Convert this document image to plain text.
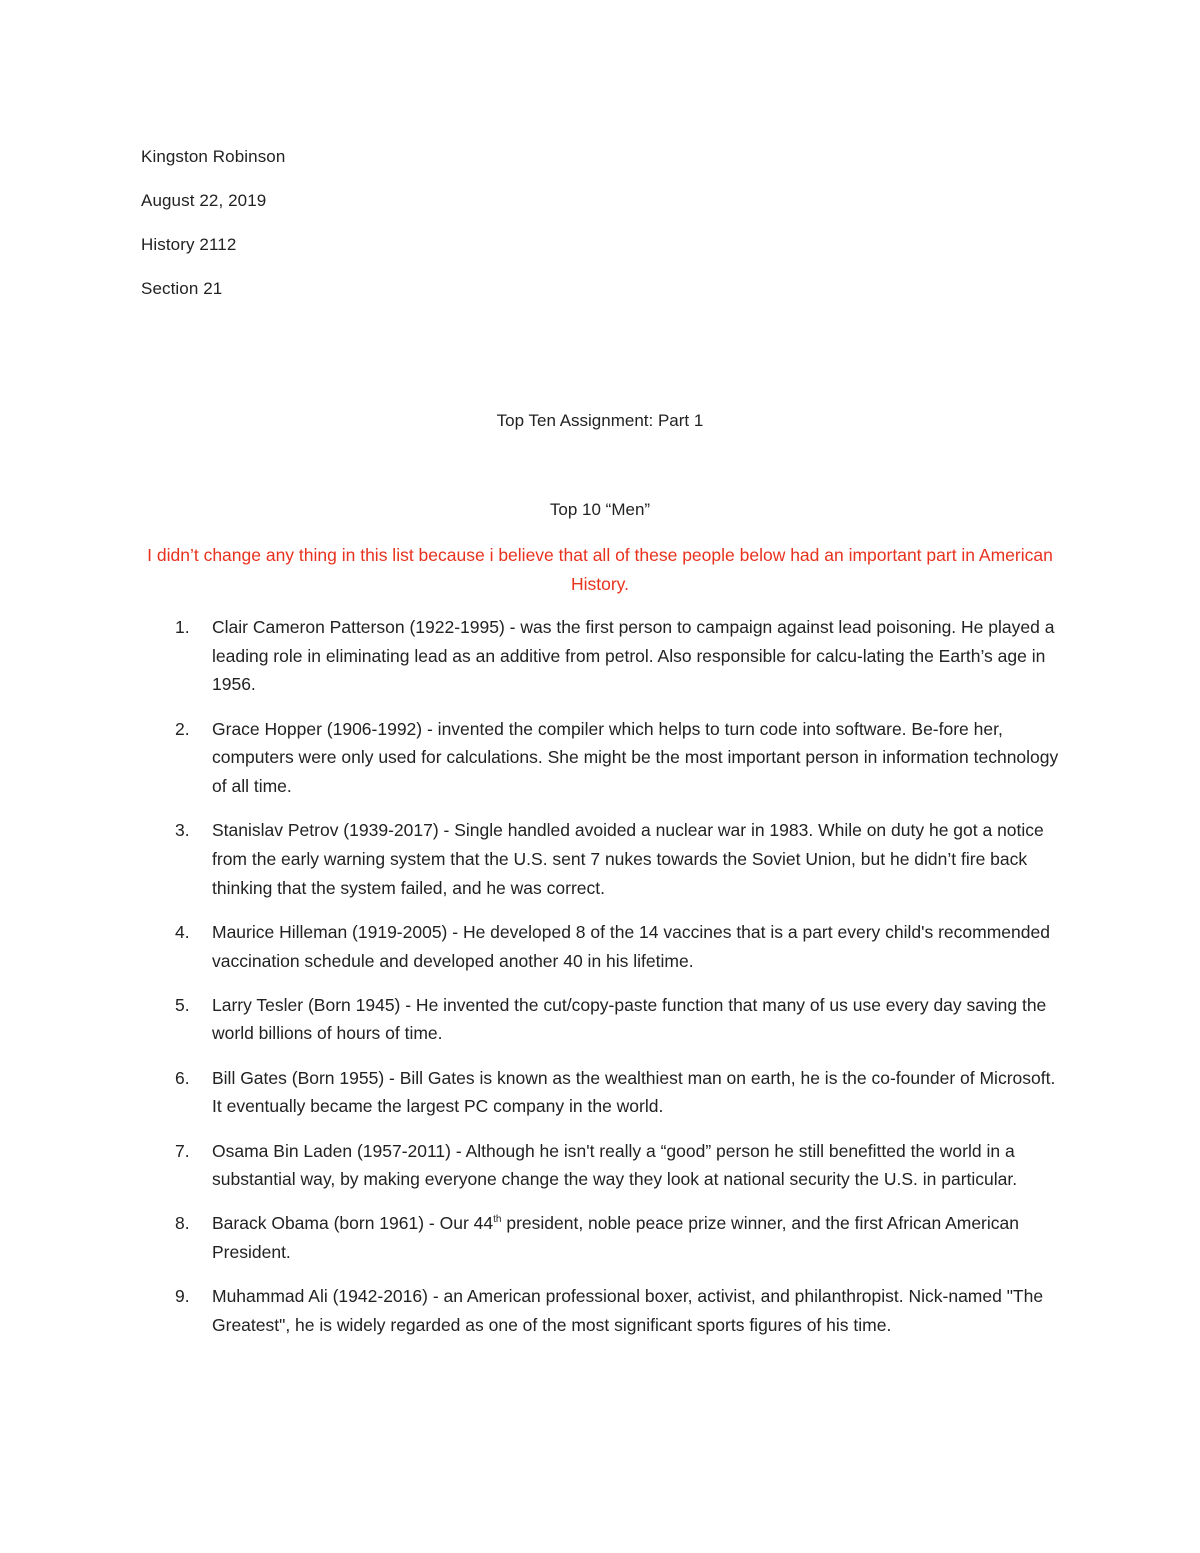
Kingston Robinson
August 22, 2019
History 2112
Section 21
Top Ten Assignment: Part 1
Top 10 “Men”
I didn’t change any thing in this list because i believe that all of these people below had an important part in American History.
1. Clair Cameron Patterson (1922-1995) - was the first person to campaign against lead poisoning. He played a leading role in eliminating lead as an additive from petrol. Also responsible for calcu-lating the Earth’s age in 1956.
2. Grace Hopper (1906-1992) - invented the compiler which helps to turn code into software. Be-fore her, computers were only used for calculations. She might be the most important person in information technology of all time.
3. Stanislav Petrov (1939-2017) - Single handled avoided a nuclear war in 1983. While on duty he got a notice from the early warning system that the U.S. sent 7 nukes towards the Soviet Union, but he didn’t fire back thinking that the system failed, and he was correct.
4. Maurice Hilleman (1919-2005) - He developed 8 of the 14 vaccines that is a part every child's recommended vaccination schedule and developed another 40 in his lifetime.
5. Larry Tesler (Born 1945) - He invented the cut/copy-paste function that many of us use every day saving the world billions of hours of time.
6. Bill Gates (Born 1955) - Bill Gates is known as the wealthiest man on earth, he is the co-founder of Microsoft. It eventually became the largest PC company in the world.
7. Osama Bin Laden (1957-2011) - Although he isn't really a “good” person he still benefitted the world in a substantial way, by making everyone change the way they look at national security the U.S. in particular.
8. Barack Obama (born 1961) - Our 44th president, noble peace prize winner, and the first African American President.
9. Muhammad Ali (1942-2016) - an American professional boxer, activist, and philanthropist. Nick-named "The Greatest", he is widely regarded as one of the most significant sports figures of his time.
